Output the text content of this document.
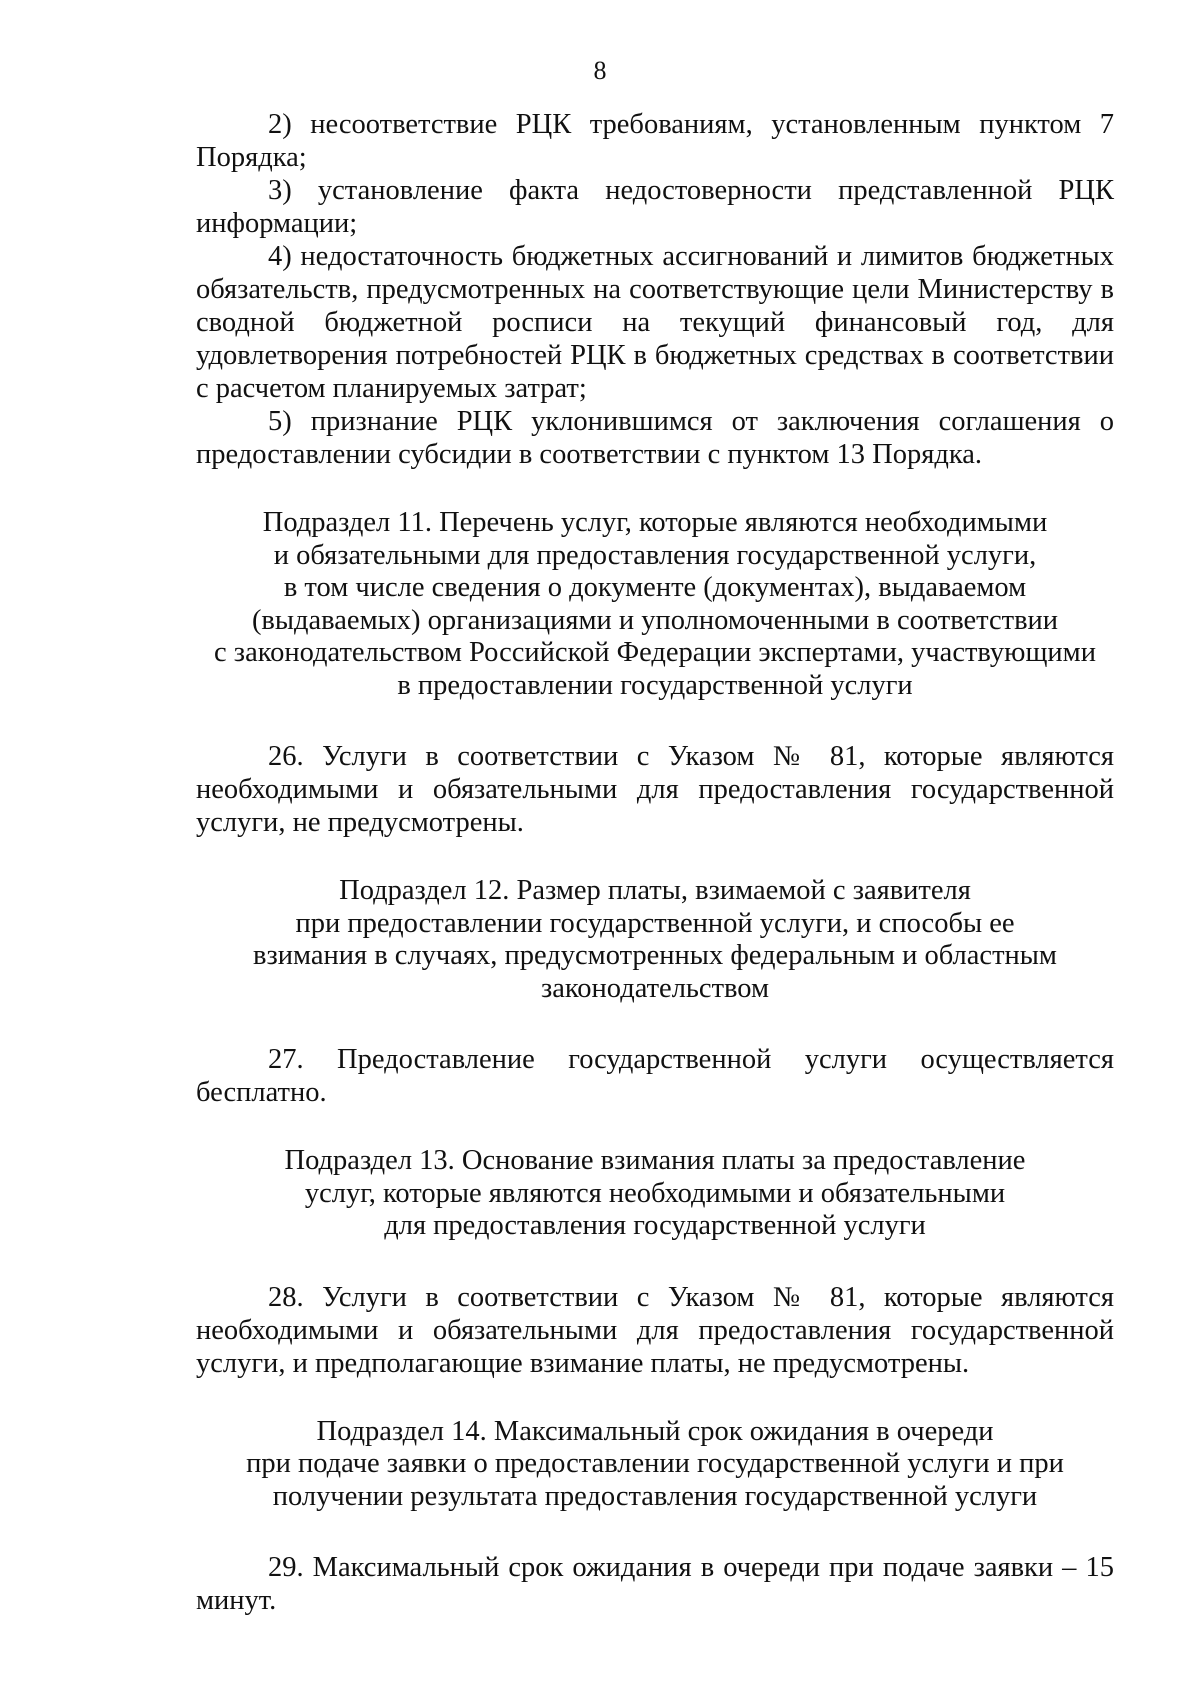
8

2) несоответствие РЦК требованиям, установленным пунктом 7 Порядка;

3) установление факта недостоверности представленной РЦК информации;

4) недостаточность бюджетных ассигнований и лимитов бюджетных обязательств, предусмотренных на соответствующие цели Министерству в сводной бюджетной росписи на текущий финансовый год, для удовлетворения потребностей РЦК в бюджетных средствах в соответствии с расчетом планируемых затрат;

5) признание РЦК уклонившимся от заключения соглашения о предоставлении субсидии в соответствии с пунктом 13 Порядка.

Подраздел 11. Перечень услуг, которые являются необходимыми
и обязательными для предоставления государственной услуги,
в том числе сведения о документе (документах), выдаваемом
(выдаваемых) организациями и уполномоченными в соответствии
с законодательством Российской Федерации экспертами, участвующими
в предоставлении государственной услуги

26. Услуги в соответствии с Указом № 81, которые являются необходимыми и обязательными для предоставления государственной услуги, не предусмотрены.

Подраздел 12. Размер платы, взимаемой с заявителя
при предоставлении государственной услуги, и способы ее
взимания в случаях, предусмотренных федеральным и областным
законодательством

27. Предоставление государственной услуги осуществляется бесплатно.

Подраздел 13. Основание взимания платы за предоставление
услуг, которые являются необходимыми и обязательными
для предоставления государственной услуги

28. Услуги в соответствии с Указом № 81, которые являются необходимыми и обязательными для предоставления государственной услуги, и предполагающие взимание платы, не предусмотрены.

Подраздел 14. Максимальный срок ожидания в очереди
при подаче заявки о предоставлении государственной услуги и при
получении результата предоставления государственной услуги

29. Максимальный срок ожидания в очереди при подаче заявки – 15 минут.
